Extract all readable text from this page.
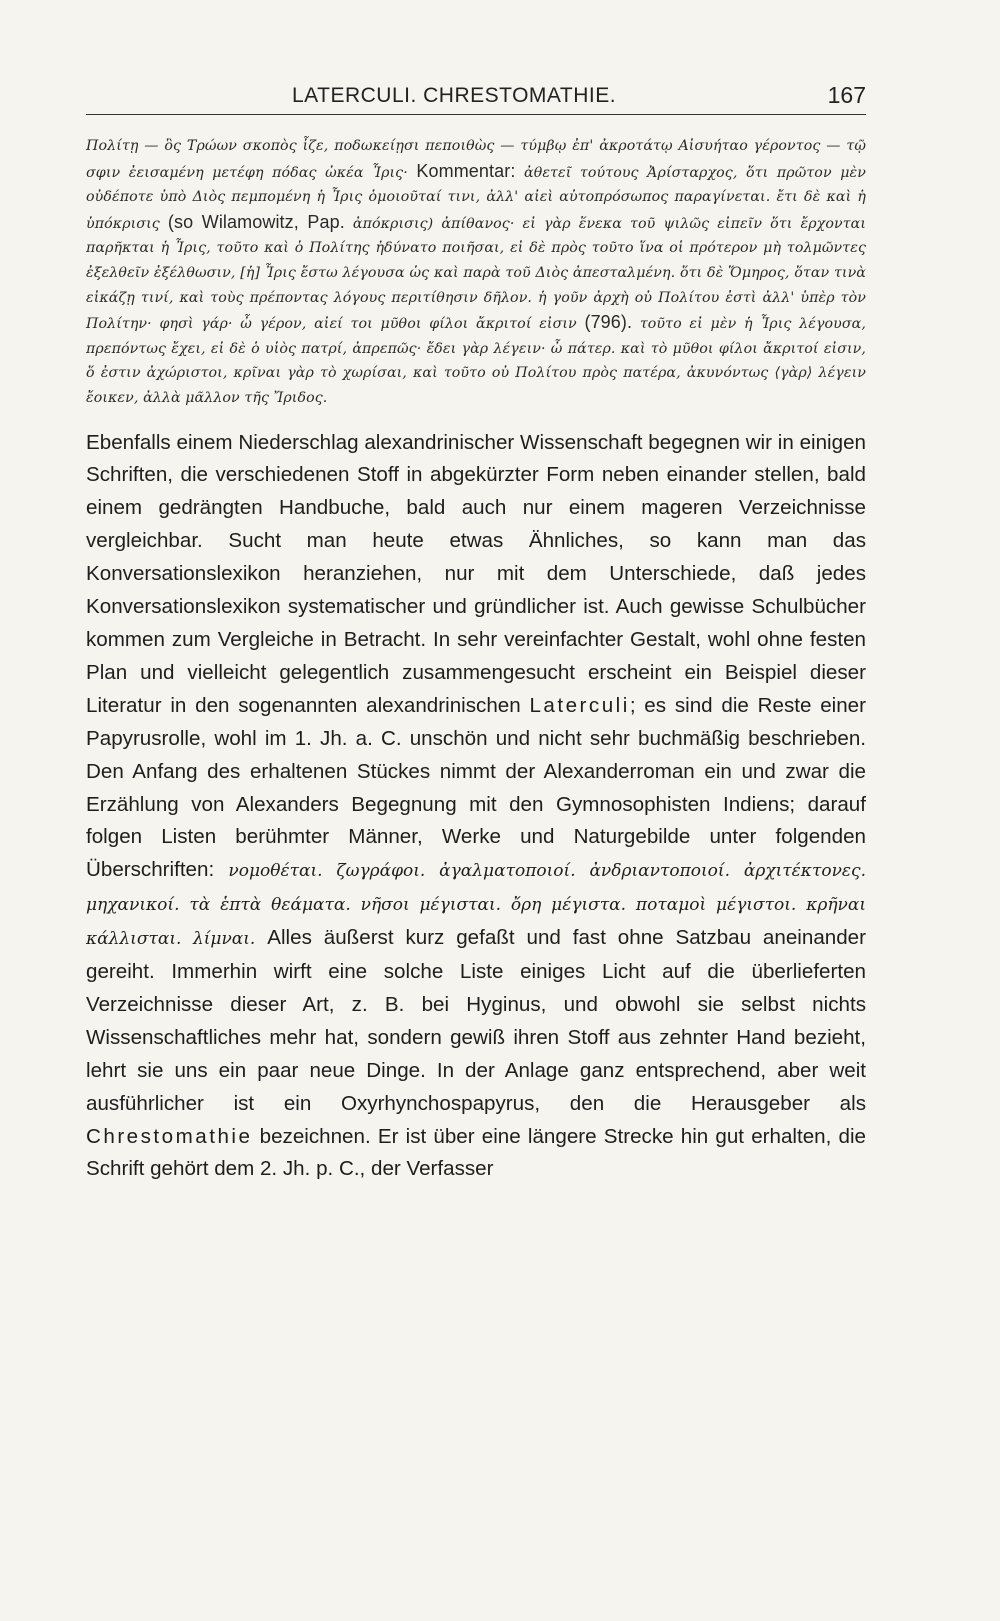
LATERCULI. CHRESTOMATHIE.	167
Πολίτῃ — ὃς Τρώων σκοπὸς ἷζε, ποδωκείῃσι πεποιθὼς — τύμβῳ ἐπ' ἀκροτάτῳ Αἰσυήταο γέροντος — τῷ σφιν ἐεισαμένη μετέφη πόδας ὠκέα Ἶρις· Kommentar: ἀθετεῖ τούτους Ἀρίσταρχος, ὅτι πρῶτον μὲν οὐδέποτε ὑπὸ Διὸς πεμπομένη ἡ Ἶρις ὁμοιοῦταί τινι, ἀλλ' αἰεὶ αὐτοπρόσωπος παραγίνεται. ἔτι δὲ καὶ ἡ ὑπόκρισις (so Wilamowitz, Pap. ἀπόκρισις) ἀπίθανος· εἰ γὰρ ἕνεκα τοῦ ψιλῶς εἰπεῖν ὅτι ἔρχονται παρῆκται ἡ Ἶρις, τοῦτο καὶ ὁ Πολίτης ἠδύνατο ποιῆσαι, εἰ δὲ πρὸς τοῦτο ἵνα οἱ πρότερον μὴ τολμῶντες ἐξελθεῖν ἐξέλθωσιν, [ἡ] Ἶρις ἔστω λέγουσα ὡς καὶ παρὰ τοῦ Διὸς ἀπεσταλμένη. ὅτι δὲ Ὅμηρος, ὅταν τινὰ εἰκάζῃ τινί, καὶ τοὺς πρέποντας λόγους περιτίθησιν δῆλον. ἡ γοῦν ἀρχὴ οὐ Πολίτου ἐστὶ ἀλλ' ὑπὲρ τὸν Πολίτην· φησὶ γάρ· ὦ γέρον, αἰεί τοι μῦθοι φίλοι ἄκριτοί εἰσιν (796). τοῦτο εἰ μὲν ἡ Ἶρις λέγουσα, πρεπόντως ἔχει, εἰ δὲ ὁ υἱὸς πατρί, ἀπρεπῶς· ἔδει γὰρ λέγειν· ὦ πάτερ. καὶ τὸ μῦθοι φίλοι ἄκριτοί εἰσιν, ὅ ἐστιν ἀχώριστοι, κρῖναι γὰρ τὸ χωρίσαι, καὶ τοῦτο οὐ Πολίτου πρὸς πατέρα, ἀκυνόντως ⟨γὰρ⟩ λέγειν ἔοικεν, ἀλλὰ μᾶλλον τῆς Ἴριδος.
Ebenfalls einem Niederschlag alexandrinischer Wissenschaft begegnen wir in einigen Schriften, die verschiedenen Stoff in abgekürzter Form neben einander stellen, bald einem gedrängten Handbuche, bald auch nur einem mageren Verzeichnisse vergleichbar. Sucht man heute etwas Ähnliches, so kann man das Konversationslexikon heranziehen, nur mit dem Unterschiede, daß jedes Konversationslexikon systematischer und gründlicher ist. Auch gewisse Schulbücher kommen zum Vergleiche in Betracht. In sehr vereinfachter Gestalt, wohl ohne festen Plan und vielleicht gelegentlich zusammengesucht erscheint ein Beispiel dieser Literatur in den sogenannten alexandrinischen Laterculi; es sind die Reste einer Papyrusrolle, wohl im 1. Jh. a. C. unschön und nicht sehr buchmäßig beschrieben. Den Anfang des erhaltenen Stückes nimmt der Alexanderroman ein und zwar die Erzählung von Alexanders Begegnung mit den Gymnosophisten Indiens; darauf folgen Listen berühmter Männer, Werke und Naturgebilde unter folgenden Überschriften: νομοθέται. ζωγράφοι. ἀγαλματοποιοί. ἀνδριαντοποιοί. ἀρχιτέκτονες. μηχανικοί. τὰ ἑπτὰ θεάματα. νῆσοι μέγισται. ὄρη μέγιστα. ποταμοὶ μέγιστοι. κρῆναι κάλλισται. λίμναι. Alles äußerst kurz gefaßt und fast ohne Satzbau aneinander gereiht. Immerhin wirft eine solche Liste einiges Licht auf die überlieferten Verzeichnisse dieser Art, z. B. bei Hyginus, und obwohl sie selbst nichts Wissenschaftliches mehr hat, sondern gewiß ihren Stoff aus zehnter Hand bezieht, lehrt sie uns ein paar neue Dinge. In der Anlage ganz entsprechend, aber weit ausführlicher ist ein Oxyrhynchospapyrus, den die Herausgeber als Chrestomathie bezeichnen. Er ist über eine längere Strecke hin gut erhalten, die Schrift gehört dem 2. Jh. p. C., der Verfasser
